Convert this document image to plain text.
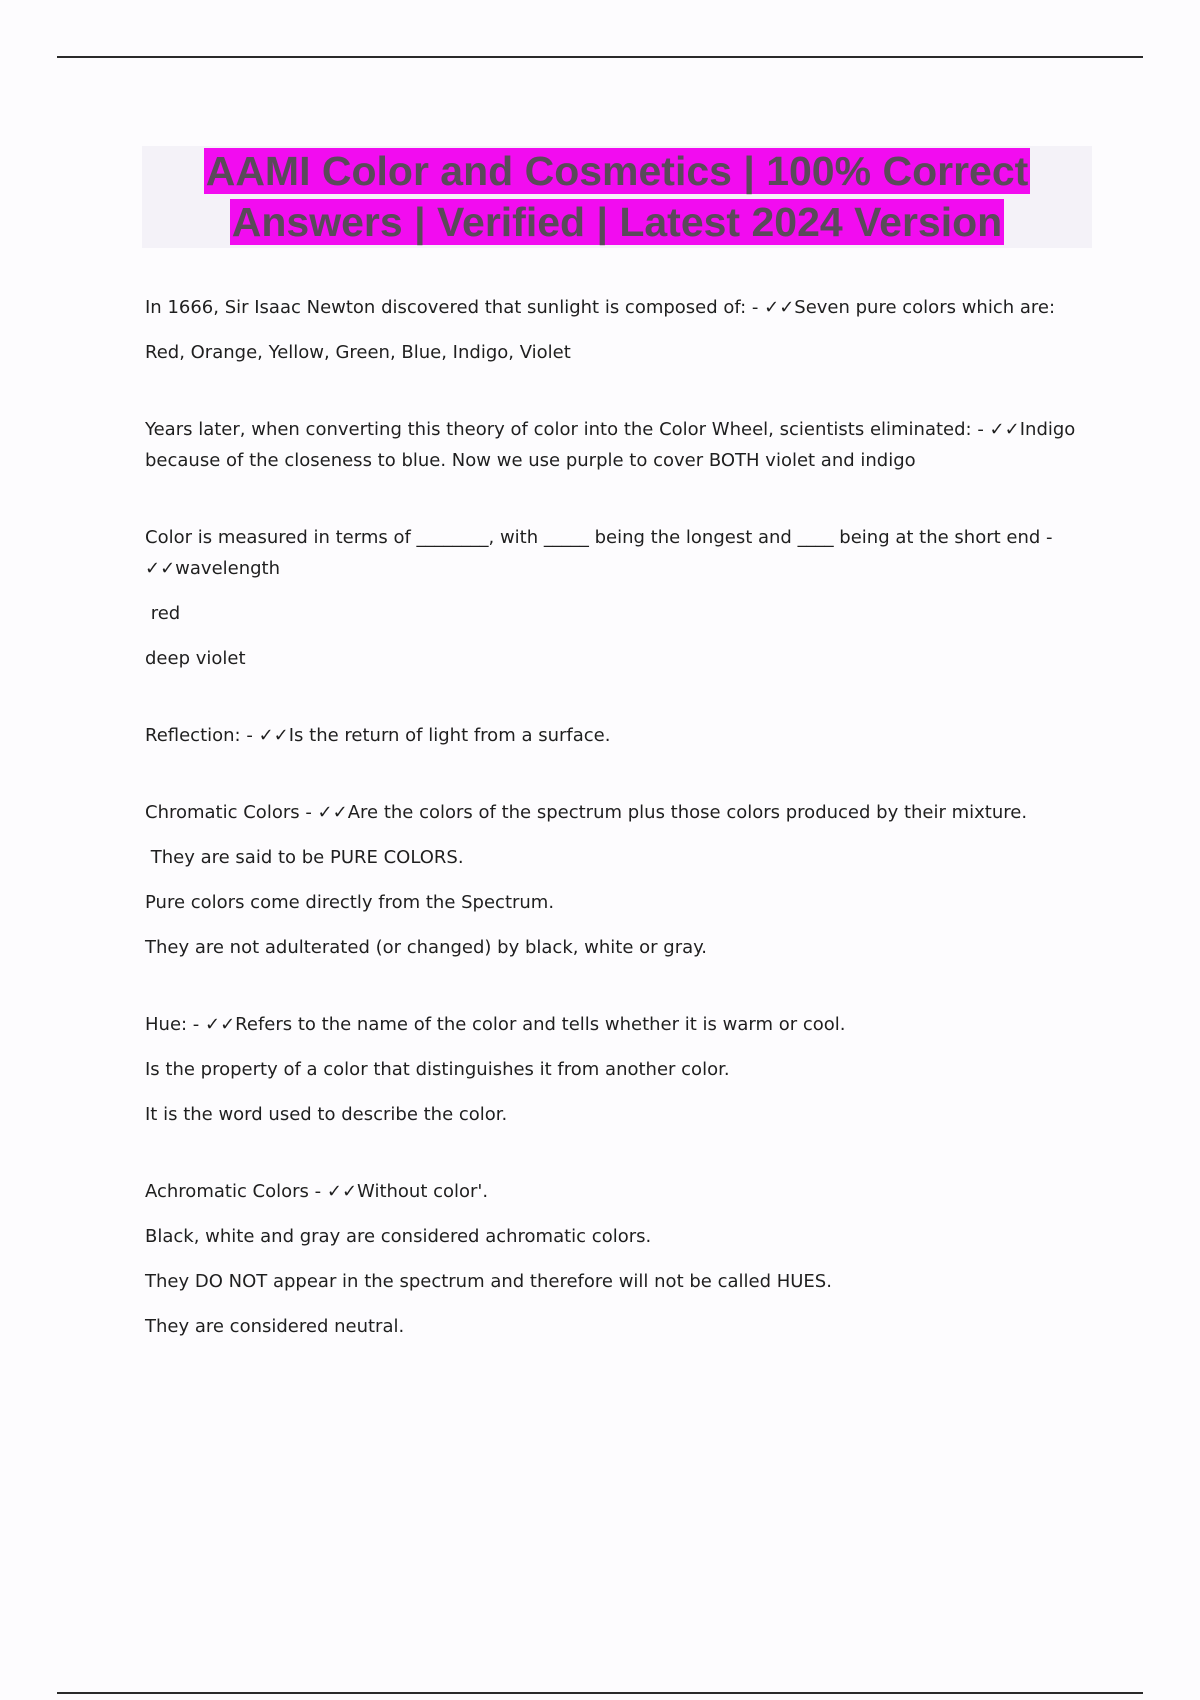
AAMI Color and Cosmetics | 100% Correct
Answers | Verified | Latest 2024 Version

In 1666, Sir Isaac Newton discovered that sunlight is composed of: - ✓✓Seven pure colors which are:

Red, Orange, Yellow, Green, Blue, Indigo, Violet

Years later, when converting this theory of color into the Color Wheel, scientists eliminated: - ✓✓Indigo because of the closeness to blue. Now we use purple to cover BOTH violet and indigo

Color is measured in terms of ________, with _____ being the longest and ____ being at the short end - ✓✓wavelength

red

deep violet

Reflection: - ✓✓Is the return of light from a surface.

Chromatic Colors - ✓✓Are the colors of the spectrum plus those colors produced by their mixture.

They are said to be PURE COLORS.

Pure colors come directly from the Spectrum.

They are not adulterated (or changed) by black, white or gray.

Hue: - ✓✓Refers to the name of the color and tells whether it is warm or cool.

Is the property of a color that distinguishes it from another color.

It is the word used to describe the color.

Achromatic Colors - ✓✓Without color'.

Black, white and gray are considered achromatic colors.

They DO NOT appear in the spectrum and therefore will not be called HUES.

They are considered neutral.
